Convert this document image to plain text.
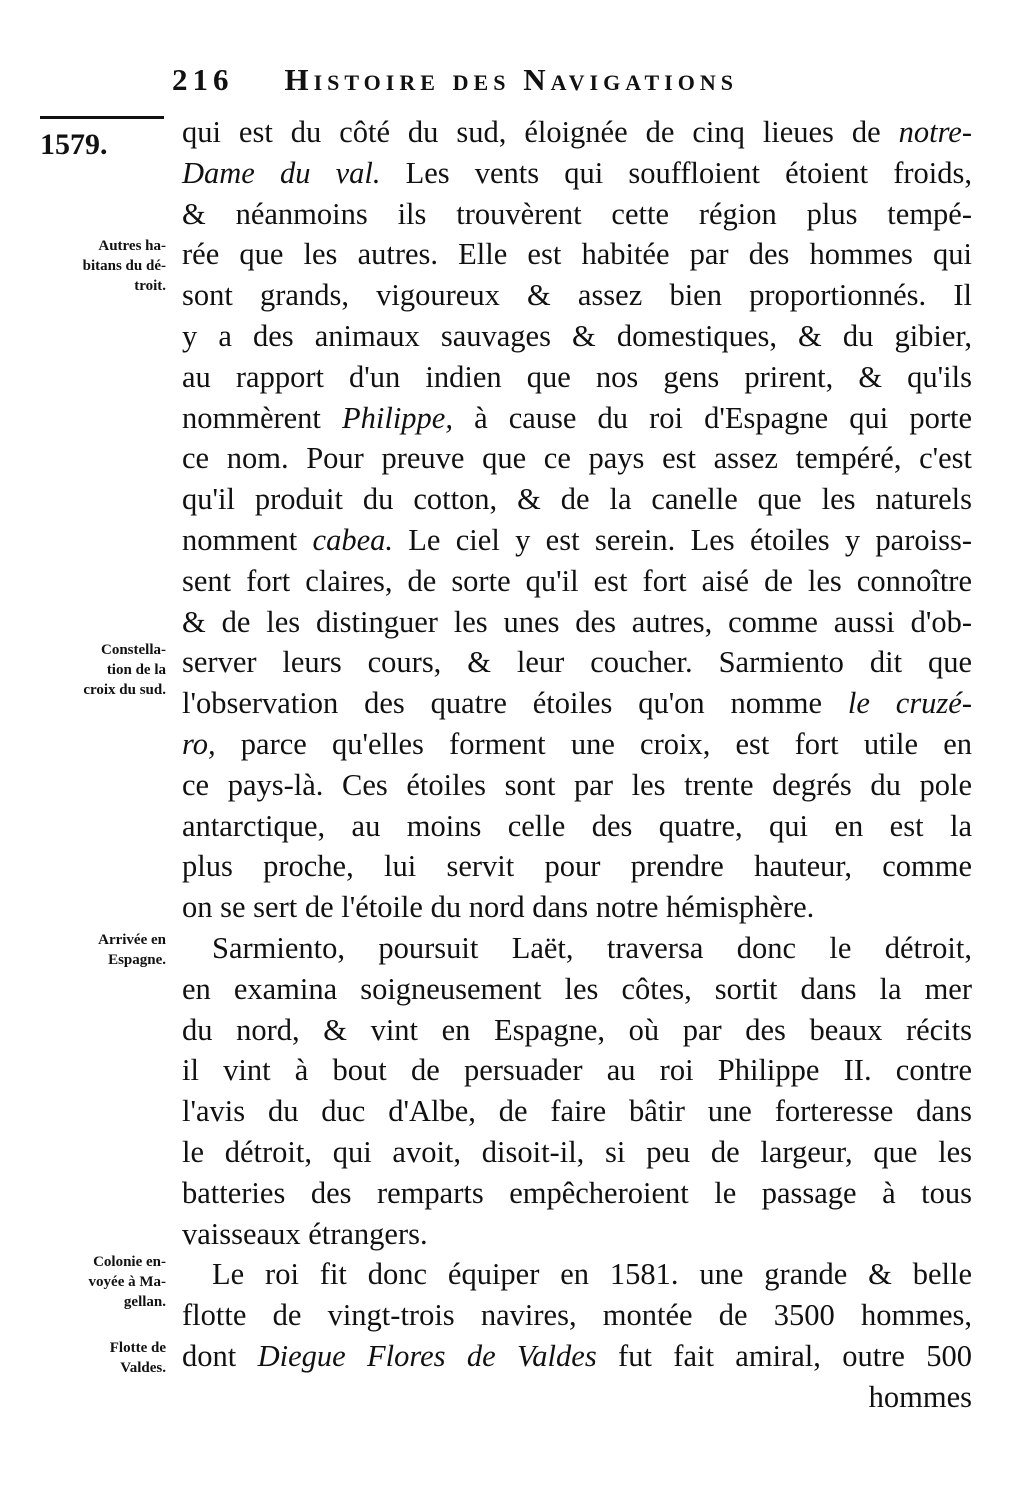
216 Histoire des Navigations
1579.
Autres ha-
bitans du dé-
troit.
Constella-
tion de la
croix du sud.
Arrivée en
Espagne.
Colonie en-
voyée à Ma-
gellan.
Flotte de
Valdes.
qui est du côté du sud, éloignée de cinq lieues de notre-
Dame du val. Les vents qui souffloient étoient froids,
& néanmoins ils trouvèrent cette région plus tempé-
rée que les autres. Elle est habitée par des hommes qui
sont grands, vigoureux & assez bien proportionnés. Il
y a des animaux sauvages & domestiques, & du gibier,
au rapport d'un indien que nos gens prirent, & qu'ils
nommèrent Philippe, à cause du roi d'Espagne qui porte
ce nom. Pour preuve que ce pays est assez tempéré, c'est
qu'il produit du cotton, & de la canelle que les naturels
nomment cabea. Le ciel y est serein. Les étoiles y paroiss-
sent fort claires, de sorte qu'il est fort aisé de les connoître
& de les distinguer les unes des autres, comme aussi d'ob-
server leurs cours, & leur coucher. Sarmiento dit que
l'observation des quatre étoiles qu'on nomme le cruzé-
ro, parce qu'elles forment une croix, est fort utile en
ce pays-là. Ces étoiles sont par les trente degrés du pole
antarctique, au moins celle des quatre, qui en est la
plus proche, lui servit pour prendre hauteur, comme
on se sert de l'étoile du nord dans notre hémisphère.
Sarmiento, poursuit Laët, traversa donc le détroit,
en examina soigneusement les côtes, sortit dans la mer
du nord, & vint en Espagne, où par des beaux récits
il vint à bout de persuader au roi Philippe II. contre
l'avis du duc d'Albe, de faire bâtir une forteresse dans
le détroit, qui avoit, disoit-il, si peu de largeur, que les
batteries des remparts empêcheroient le passage à tous
vaisseaux étrangers.
Le roi fit donc équiper en 1581. une grande & belle
flotte de vingt-trois navires, montée de 3500 hommes,
dont Diegue Flores de Valdes fut fait amiral, outre 500
hommes
